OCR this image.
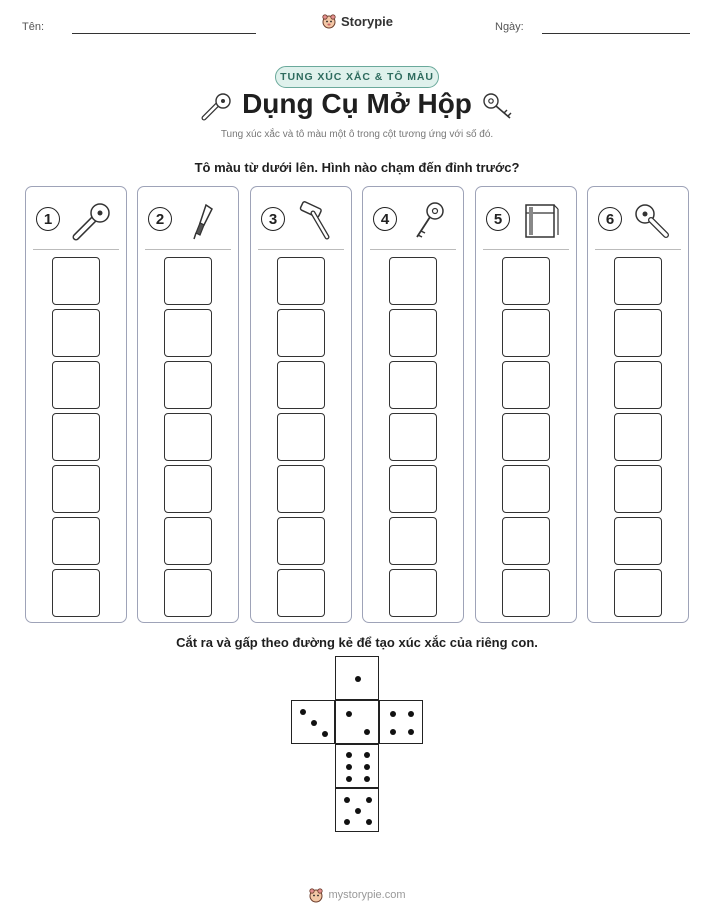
Tên:	Ngày:
Storypie
TUNG XÚC XẮC & TÔ MÀU
Dụng Cụ Mở Hộp
Tung xúc xắc và tô màu một ô trong cột tương ứng với số đó.
Tô màu từ dưới lên. Hình nào chạm đến đỉnh trước?
1	2	3	4	5	6
Cắt ra và gấp theo đường kẻ để tạo xúc xắc của riêng con.
mystorypie.com
